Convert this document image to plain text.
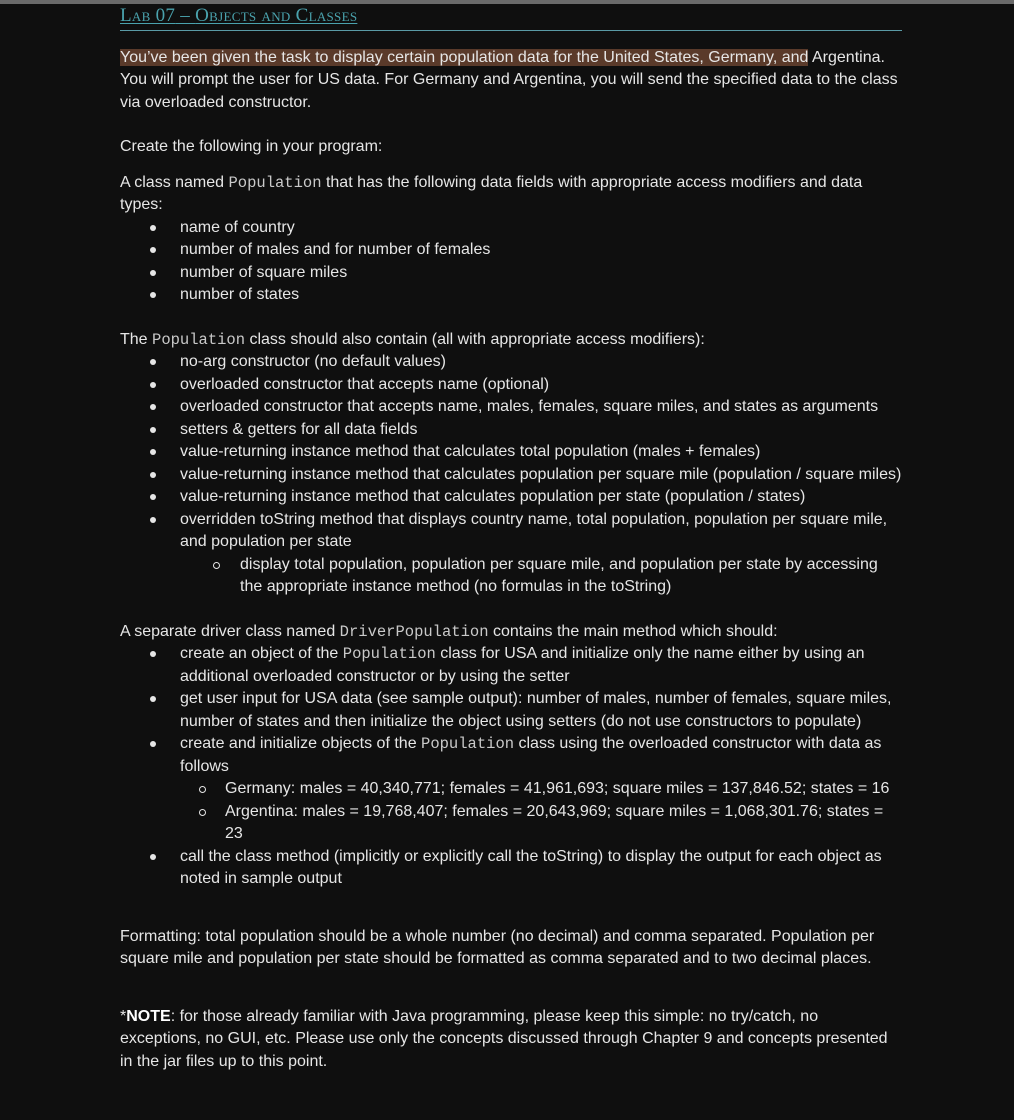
Lab 07 – Objects and Classes

You’ve been given the task to display certain population data for the United States, Germany, and Argentina. You will prompt the user for US data. For Germany and Argentina, you will send the specified data to the class via overloaded constructor.

Create the following in your program:

A class named Population that has the following data fields with appropriate access modifiers and data types:

name of country
number of males and for number of females
number of square miles
number of states

The Population class should also contain (all with appropriate access modifiers):

no-arg constructor (no default values)
overloaded constructor that accepts name (optional)
overloaded constructor that accepts name, males, females, square miles, and states as arguments
setters & getters for all data fields
value-returning instance method that calculates total population (males + females)
value-returning instance method that calculates population per square mile (population / square miles)
value-returning instance method that calculates population per state (population / states)
overridden toString method that displays country name, total population, population per square mile, and population per state
display total population, population per square mile, and population per state by accessing the appropriate instance method (no formulas in the toString)

A separate driver class named DriverPopulation contains the main method which should:

create an object of the Population class for USA and initialize only the name either by using an additional overloaded constructor or by using the setter
get user input for USA data (see sample output): number of males, number of females, square miles, number of states and then initialize the object using setters (do not use constructors to populate)
create and initialize objects of the Population class using the overloaded constructor with data as follows
Germany: males = 40,340,771; females = 41,961,693; square miles = 137,846.52; states = 16
Argentina: males = 19,768,407; females = 20,643,969; square miles = 1,068,301.76; states = 23
call the class method (implicitly or explicitly call the toString) to display the output for each object as noted in sample output

Formatting: total population should be a whole number (no decimal) and comma separated. Population per square mile and population per state should be formatted as comma separated and to two decimal places.

*NOTE: for those already familiar with Java programming, please keep this simple: no try/catch, no exceptions, no GUI, etc. Please use only the concepts discussed through Chapter 9 and concepts presented in the jar files up to this point.
